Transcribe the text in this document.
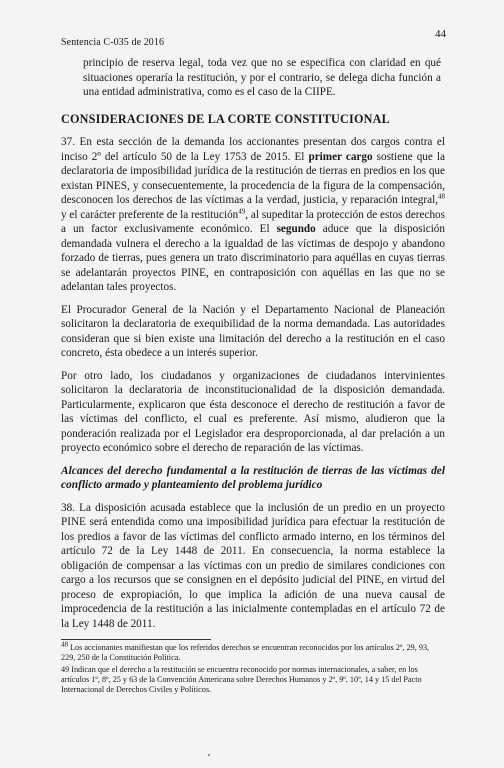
Sentencia C-035 de 2016
44

principio de reserva legal, toda vez que no se especifica con claridad en qué situaciones operaría la restitución, y por el contrario, se delega dicha función a una entidad administrativa, como es el caso de la CIIPE.

CONSIDERACIONES DE LA CORTE CONSTITUCIONAL

37. En esta sección de la demanda los accionantes presentan dos cargos contra el inciso 2º del artículo 50 de la Ley 1753 de 2015. El primer cargo sostiene que la declaratoria de imposibilidad jurídica de la restitución de tierras en predios en los que existan PINES, y consecuentemente, la procedencia de la figura de la compensación, desconocen los derechos de las víctimas a la verdad, justicia, y reparación integral,$^{48}$ y el carácter preferente de la restitución$^{49}$, al supeditar la protección de estos derechos a un factor exclusivamente económico. El segundo aduce que la disposición demandada vulnera el derecho a la igualdad de las víctimas de despojo y abandono forzado de tierras, pues genera un trato discriminatorio para aquéllas en cuyas tierras se adelantarán proyectos PINE, en contraposición con aquéllas en las que no se adelantan tales proyectos.

El Procurador General de la Nación y el Departamento Nacional de Planeación solicitaron la declaratoria de exequibilidad de la norma demandada. Las autoridades consideran que si bien existe una limitación del derecho a la restitución en el caso concreto, ésta obedece a un interés superior.

Por otro lado, los ciudadanos y organizaciones de ciudadanos intervinientes solicitaron la declaratoria de inconstitucionalidad de la disposición demandada. Particularmente, explicaron que ésta desconoce el derecho de restitución a favor de las víctimas del conflicto, el cual es preferente. Así mismo, aludieron que la ponderación realizada por el Legislador era desproporcionada, al dar prelación a un proyecto económico sobre el derecho de reparación de las víctimas.

Alcances del derecho fundamental a la restitución de tierras de las víctimas del conflicto armado y planteamiento del problema jurídico

38. La disposición acusada establece que la inclusión de un predio en un proyecto PINE será entendida como una imposibilidad jurídica para efectuar la restitución de los predios a favor de las víctimas del conflicto armado interno, en los términos del artículo 72 de la Ley 1448 de 2011. En consecuencia, la norma establece la obligación de compensar a las víctimas con un predio de similares condiciones con cargo a los recursos que se consignen en el depósito judicial del PINE, en virtud del proceso de expropiación, lo que implica la adición de una nueva causal de improcedencia de la restitución a las inicialmente contempladas en el artículo 72 de la Ley 1448 de 2011.

$^{48}$ Los accionantes manifiestan que los referidos derechos se encuentran reconocidos por los artículos 2º, 29, 93, 229, 250 de la Constitución Política.
49 Indican que el derecho a la restitución se encuentra reconocido por normas internacionales, a saber, en los artículos 1º, 8º, 25 y 63 de la Convención Americana sobre Derechos Humanos y 2º, 9º, 10º, 14 y 15 del Pacto Internacional de Derechos Civiles y Políticos.
